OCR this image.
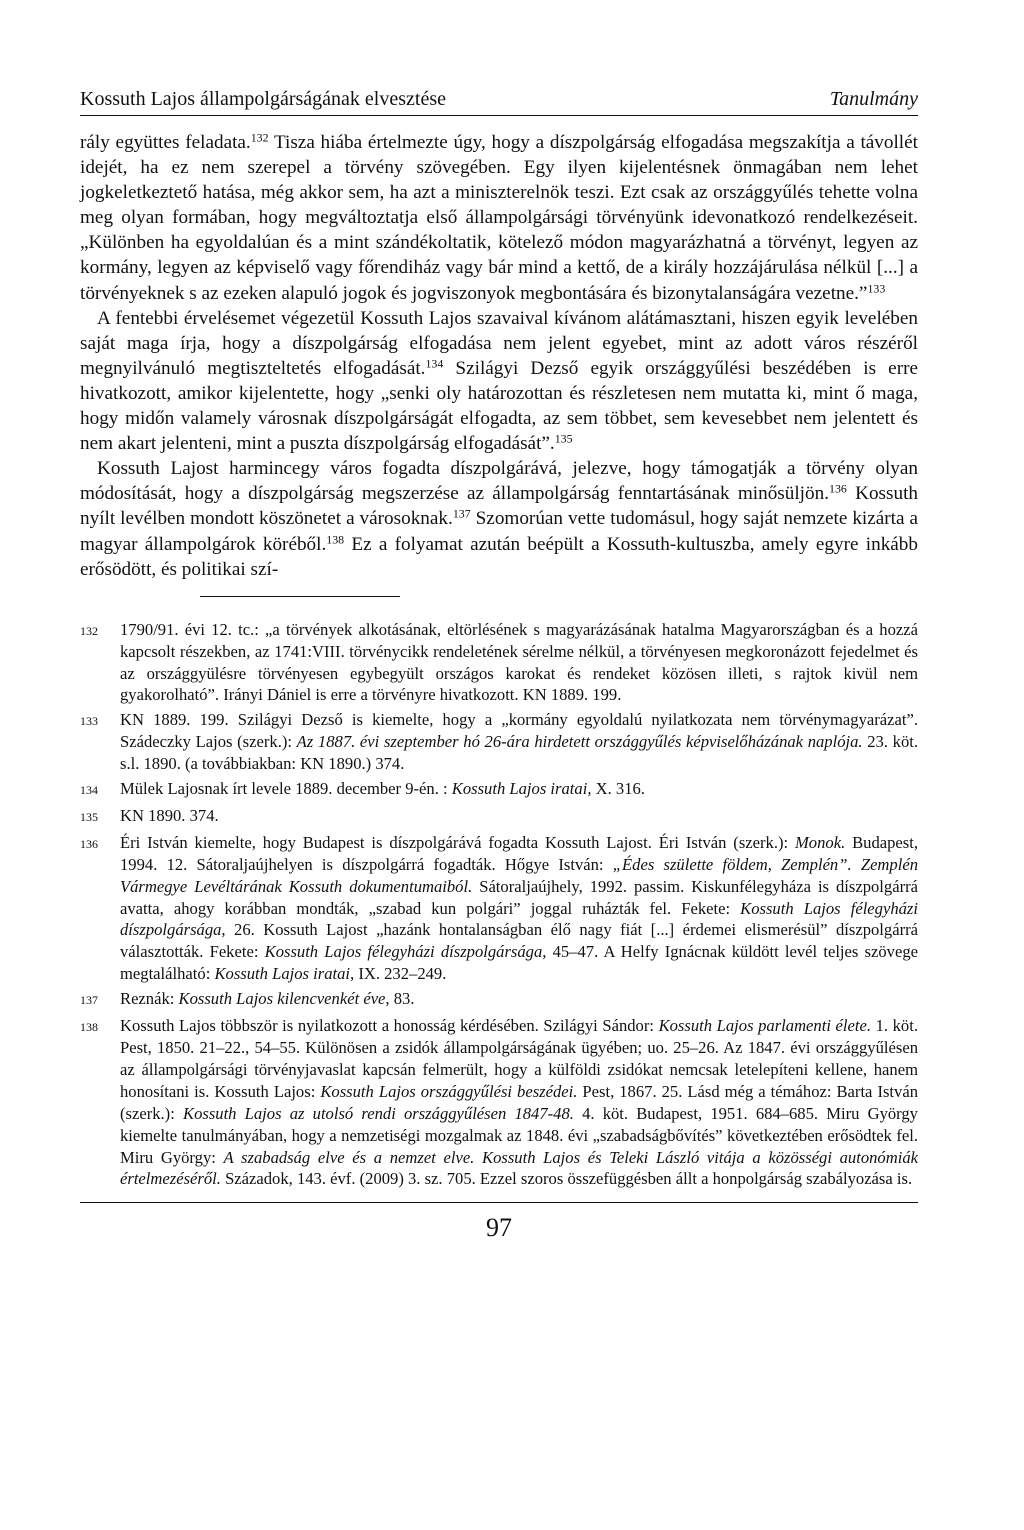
Kossuth Lajos állampolgárságának elvesztése	Tanulmány

rály együttes feladata.$^{132}$ Tisza hiába értelmezte úgy, hogy a díszpolgárság elfogadása megszakítja a távollét idejét, ha ez nem szerepel a törvény szövegében. Egy ilyen kijelentésnek önmagában nem lehet jogkeletkeztető hatása, még akkor sem, ha azt a miniszterelnök teszi. Ezt csak az országgyűlés tehette volna meg olyan formában, hogy megváltoztatja első állampolgársági törvényünk idevonatkozó rendelkezéseit. „Különben ha egyoldalúan és a mint szándékoltatik, kötelező módon magyarázhatná a törvényt, legyen az kormány, legyen az képviselő vagy főrendiház vagy bár mind a kettő, de a király hozzájárulása nélkül [...] a törvényeknek s az ezeken alapuló jogok és jogviszonyok megbontására és bizonytalanságára vezetne.”$^{133}$

A fentebbi érvelésemet végezetül Kossuth Lajos szavaival kívánom alátámasztani, hiszen egyik levelében saját maga írja, hogy a díszpolgárság elfogadása nem jelent egyebet, mint az adott város részéről megnyilvánuló megtiszteltetés elfogadását.$^{134}$ Szilágyi Dezső egyik országgyűlési beszédében is erre hivatkozott, amikor kijelentette, hogy „senki oly határozottan és részletesen nem mutatta ki, mint ő maga, hogy midőn valamely városnak díszpolgárságát elfogadta, az sem többet, sem kevesebbet nem jelentett és nem akart jelenteni, mint a puszta díszpolgárság elfogadását”.$^{135}$

Kossuth Lajost harmincegy város fogadta díszpolgárává, jelezve, hogy támogatják a törvény olyan módosítását, hogy a díszpolgárság megszerzése az állampolgárság fenntartásának minősüljön.$^{136}$ Kossuth nyílt levélben mondott köszönetet a városoknak.$^{137}$ Szomorúan vette tudomásul, hogy saját nemzete kizárta a magyar állampolgárok köréből.$^{138}$ Ez a folyamat azután beépült a Kossuth-kultuszba, amely egyre inkább erősödött, és politikai szí-

132	1790/91. évi 12. tc.: „a törvények alkotásának, eltörlésének s magyarázásának hatalma Magyarországban és a hozzá kapcsolt részekben, az 1741:VIII. törvénycikk rendeletének sérelme nélkül, a törvényesen megkoronázott fejedelmet és az országgyülésre törvényesen egybegyült országos karokat és rendeket közösen illeti, s rajtok kivül nem gyakorolható”. Irányi Dániel is erre a törvényre hivatkozott. KN 1889. 199.
133	KN 1889. 199. Szilágyi Dezső is kiemelte, hogy a „kormány egyoldalú nyilatkozata nem törvénymagyarázat”. Szádeczky Lajos (szerk.): Az 1887. évi szeptember hó 26-ára hirdetett országgyűlés képviselőházának naplója. 23. köt. s.l. 1890. (a továbbiakban: KN 1890.) 374.
134	Mülek Lajosnak írt levele 1889. december 9-én. : Kossuth Lajos iratai, X. 316.
135	KN 1890. 374.
136	Éri István kiemelte, hogy Budapest is díszpolgárává fogadta Kossuth Lajost. Éri István (szerk.): Monok. Budapest, 1994. 12. Sátoraljaújhelyen is díszpolgárrá fogadták. Hőgye István: „Édes születte földem, Zemplén”. Zemplén Vármegye Levéltárának Kossuth dokumentumaiból. Sátoraljaújhely, 1992. passim. Kiskunfélegyháza is díszpolgárrá avatta, ahogy korábban mondták, „szabad kun polgári” joggal ruházták fel. Fekete: Kossuth Lajos félegyházi díszpolgársága, 26. Kossuth Lajost „hazánk hontalanságban élő nagy fiát [...] érdemei elismerésül” díszpolgárrá választották. Fekete: Kossuth Lajos félegyházi díszpolgársága, 45–47. A Helfy Ignácnak küldött levél teljes szövege megtalálható: Kossuth Lajos iratai, IX. 232–249.
137	Reznák: Kossuth Lajos kilencvenkét éve, 83.
138	Kossuth Lajos többször is nyilatkozott a honosság kérdésében. Szilágyi Sándor: Kossuth Lajos parlamenti élete. 1. köt. Pest, 1850. 21–22., 54–55. Különösen a zsidók állampolgárságának ügyében; uo. 25–26. Az 1847. évi országgyűlésen az állampolgársági törvényjavaslat kapcsán felmerült, hogy a külföldi zsidókat nemcsak letelepíteni kellene, hanem honosítani is. Kossuth Lajos: Kossuth Lajos országgyűlési beszédei. Pest, 1867. 25. Lásd még a témához: Barta István (szerk.): Kossuth Lajos az utolsó rendi országgyűlésen 1847-48. 4. köt. Budapest, 1951. 684–685. Miru György kiemelte tanulmányában, hogy a nemzetiségi mozgalmak az 1848. évi „szabadságbővítés” következtében erősödtek fel. Miru György: A szabadság elve és a nemzet elve. Kossuth Lajos és Teleki László vitája a közösségi autonómiák értelmezéséről. Századok, 143. évf. (2009) 3. sz. 705. Ezzel szoros összefüggésben állt a honpolgárság szabályozása is.
97
